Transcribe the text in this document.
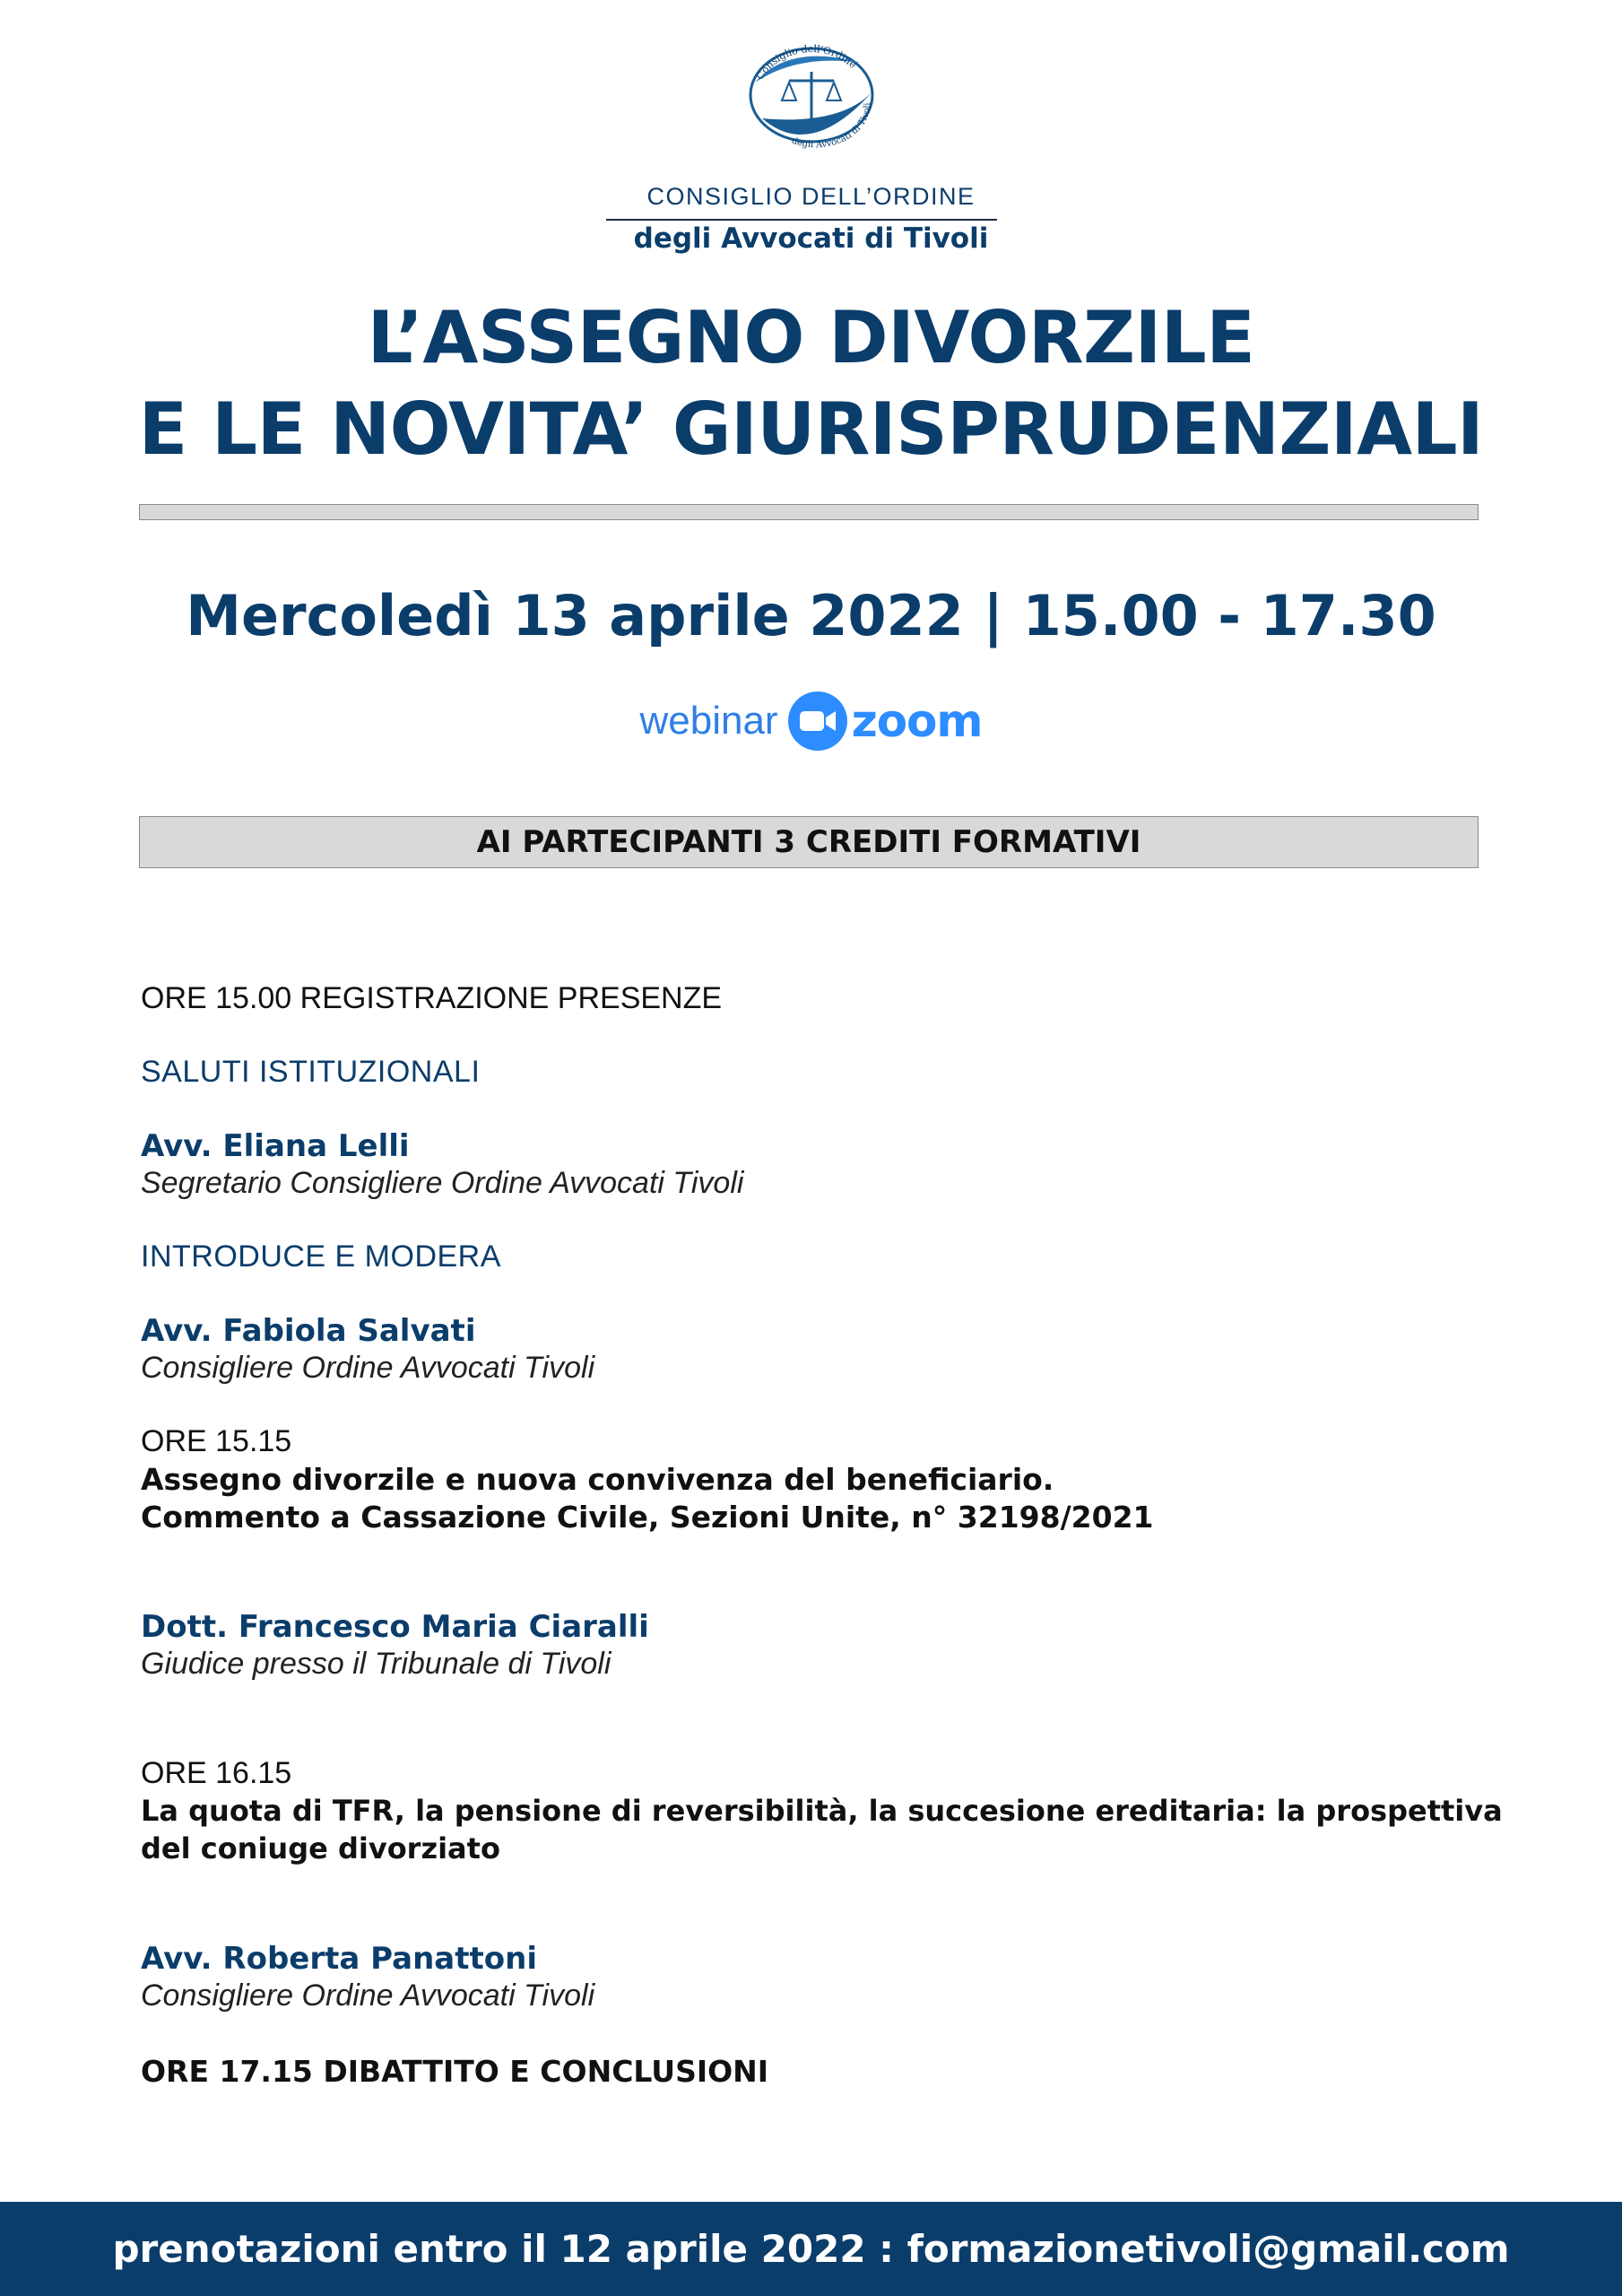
Consiglio dell'Ordine
degli Avvocati di Tivoli
CONSIGLIO DELL’ORDINE
degli Avvocati di Tivoli
L’ASSEGNO DIVORZILE
E LE NOVITA’ GIURISPRUDENZIALI
Mercoledì 13 aprile 2022 | 15.00 - 17.30
webinar zoom
AI PARTECIPANTI 3 CREDITI FORMATIVI
ORE 15.00 REGISTRAZIONE PRESENZE
SALUTI ISTITUZIONALI
Avv. Eliana Lelli
Segretario Consigliere Ordine Avvocati Tivoli
INTRODUCE E MODERA
Avv. Fabiola Salvati
Consigliere Ordine Avvocati Tivoli
ORE 15.15
Assegno divorzile e nuova convivenza del beneficiario.
Commento a Cassazione Civile, Sezioni Unite, n° 32198/2021
Dott. Francesco Maria Ciaralli
Giudice presso il Tribunale di Tivoli
ORE 16.15
La quota di TFR, la pensione di reversibilità, la succesione ereditaria: la prospettiva
del coniuge divorziato
Avv. Roberta Panattoni
Consigliere Ordine Avvocati Tivoli
ORE 17.15 DIBATTITO E CONCLUSIONI
prenotazioni entro il 12 aprile 2022 : formazionetivoli@gmail.com
